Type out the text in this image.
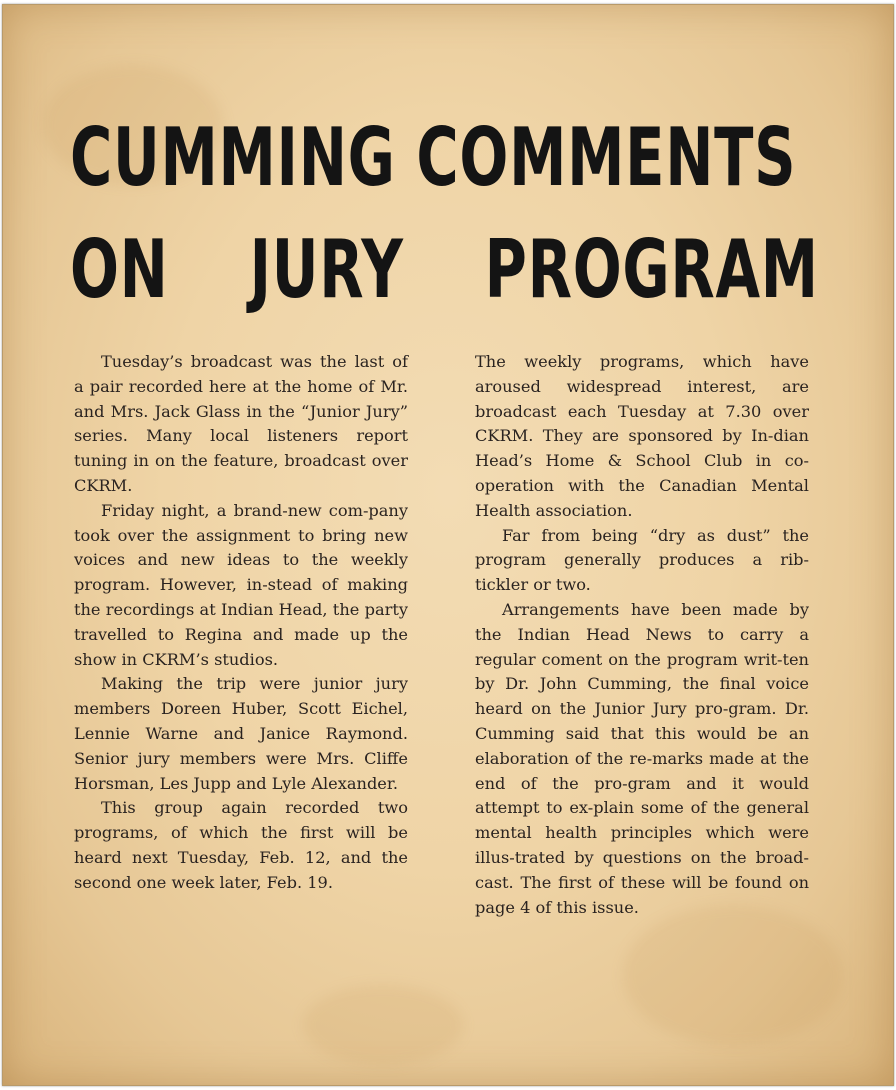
CUMMING COMMENTS
ON JURY PROGRAM

Tuesday’s broadcast was the last of a pair recorded here at the home of Mr. and Mrs. Jack Glass in the “Junior Jury” series. Many local listeners report tuning in on the feature, broadcast over CKRM.

Friday night, a brand-new com-pany took over the assignment to bring new voices and new ideas to the weekly program. However, in-stead of making the recordings at Indian Head, the party travelled to Regina and made up the show in CKRM’s studios.

Making the trip were junior jury members Doreen Huber, Scott Eichel, Lennie Warne and Janice Raymond. Senior jury members were Mrs. Cliffe Horsman, Les Jupp and Lyle Alexander.

This group again recorded two programs, of which the first will be heard next Tuesday, Feb. 12, and the second one week later, Feb. 19.

The weekly programs, which have aroused widespread interest, are broadcast each Tuesday at 7.30 over CKRM. They are sponsored by In-dian Head’s Home & School Club in co-operation with the Canadian Mental Health association.

Far from being “dry as dust” the program generally produces a rib-tickler or two.

Arrangements have been made by the Indian Head News to carry a regular coment on the program writ-ten by Dr. John Cumming, the final voice heard on the Junior Jury pro-gram. Dr. Cumming said that this would be an elaboration of the re-marks made at the end of the pro-gram and it would attempt to ex-plain some of the general mental health principles which were illus-trated by questions on the broad-cast. The first of these will be found on page 4 of this issue.
